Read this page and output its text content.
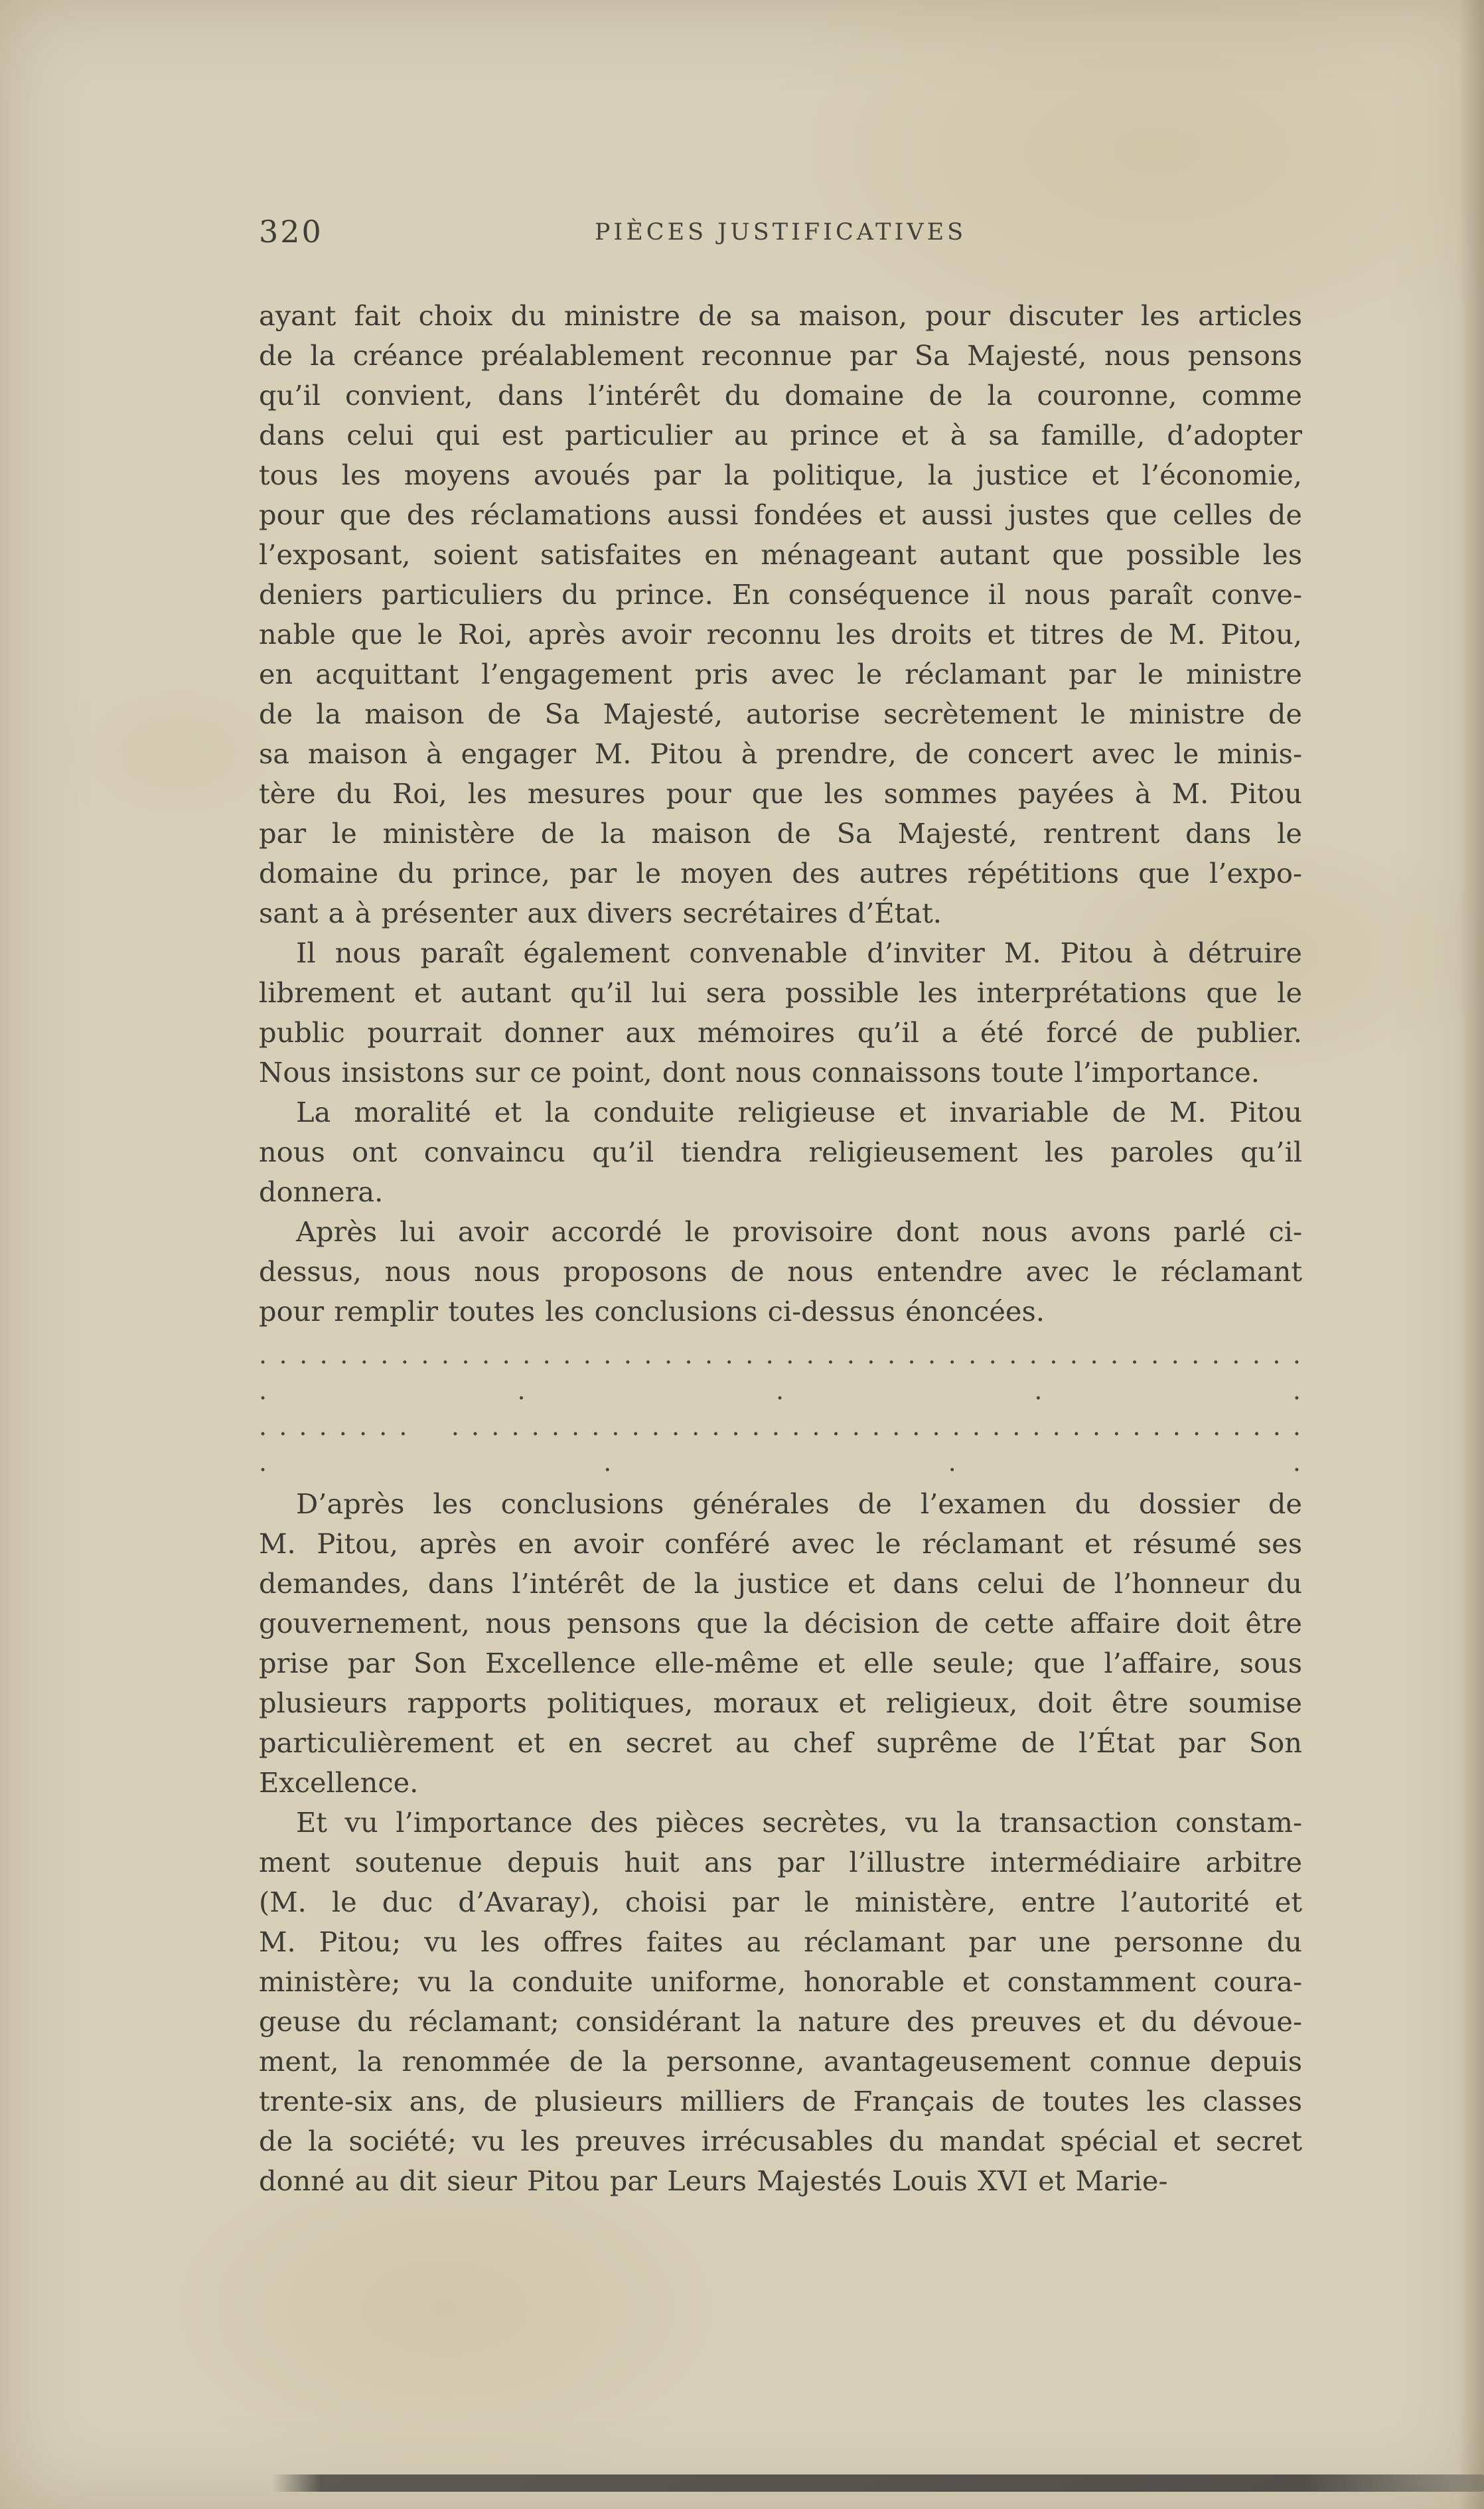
320	PIÈCES JUSTIFICATIVES
ayant fait choix du ministre de sa maison, pour discuter les articles
de la créance préalablement reconnue par Sa Majesté, nous pensons
qu’il convient, dans l’intérêt du domaine de la couronne, comme
dans celui qui est particulier au prince et à sa famille, d’adopter
tous les moyens avoués par la politique, la justice et l’économie,
pour que des réclamations aussi fondées et aussi justes que celles de
l’exposant, soient satisfaites en ménageant autant que possible les
deniers particuliers du prince. En conséquence il nous paraît conve-
nable que le Roi, après avoir reconnu les droits et titres de M. Pitou,
en acquittant l’engagement pris avec le réclamant par le ministre
de la maison de Sa Majesté, autorise secrètement le ministre de
sa maison à engager M. Pitou à prendre, de concert avec le minis-
tère du Roi, les mesures pour que les sommes payées à M. Pitou
par le ministère de la maison de Sa Majesté, rentrent dans le
domaine du prince, par le moyen des autres répétitions que l’expo-
sant a à présenter aux divers secrétaires d’État.
Il nous paraît également convenable d’inviter M. Pitou à détruire
librement et autant qu’il lui sera possible les interprétations que le
public pourrait donner aux mémoires qu’il a été forcé de publier.
Nous insistons sur ce point, dont nous connaissons toute l’importance.
La moralité et la conduite religieuse et invariable de M. Pitou
nous ont convaincu qu’il tiendra religieusement les paroles qu’il
donnera.
Après lui avoir accordé le provisoire dont nous avons parlé ci-
dessus, nous nous proposons de nous entendre avec le réclamant
pour remplir toutes les conclusions ci-dessus énoncées.
. . . . . . . . . . . . . . . . . . . . . . . . . . . . . . . . . . . . . . . . . . . . . . . . . . . . . . . . .
. . . . . . . .    . . . . . . . . . . . . . . . . . . . . . . . . . . . . . . . . . . . . . . . . . . . . . . .
D’après les conclusions générales de l’examen du dossier de
M. Pitou, après en avoir conféré avec le réclamant et résumé ses
demandes, dans l’intérêt de la justice et dans celui de l’honneur du
gouvernement, nous pensons que la décision de cette affaire doit être
prise par Son Excellence elle-même et elle seule; que l’affaire, sous
plusieurs rapports politiques, moraux et religieux, doit être soumise
particulièrement et en secret au chef suprême de l’État par Son
Excellence.
Et vu l’importance des pièces secrètes, vu la transaction constam-
ment soutenue depuis huit ans par l’illustre intermédiaire arbitre
(M. le duc d’Avaray), choisi par le ministère, entre l’autorité et
M. Pitou; vu les offres faites au réclamant par une personne du
ministère; vu la conduite uniforme, honorable et constamment coura-
geuse du réclamant; considérant la nature des preuves et du dévoue-
ment, la renommée de la personne, avantageusement connue depuis
trente-six ans, de plusieurs milliers de Français de toutes les classes
de la société; vu les preuves irrécusables du mandat spécial et secret
donné au dit sieur Pitou par Leurs Majestés Louis XVI et Marie-
